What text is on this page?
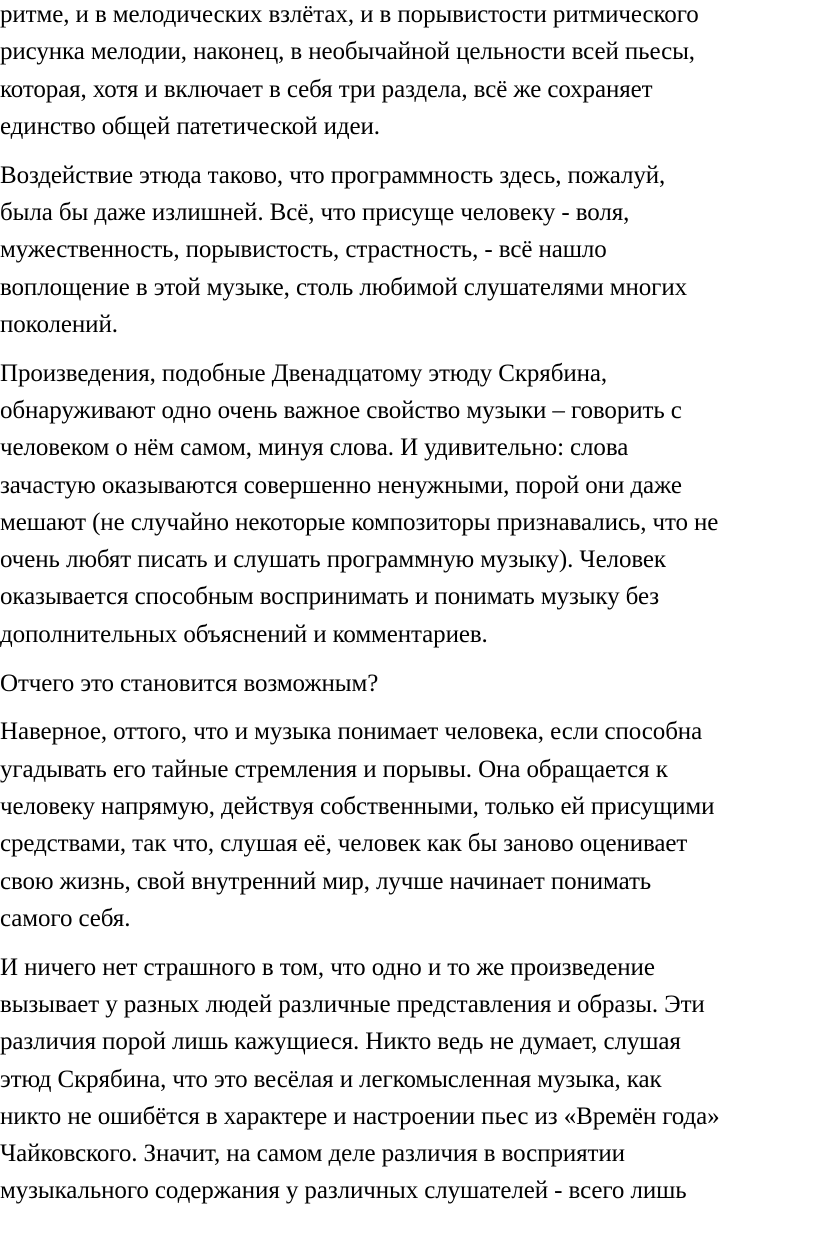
ритме, и в мелодических взлётах, и в порывистости ритмического
рисунка мелодии, наконец, в необычайной цельности всей пьесы,
которая, хотя и включает в себя три раздела, всё же сохраняет
единство общей патетической идеи.

Воздействие этюда таково, что программность здесь, пожалуй,
была бы даже излишней. Всё, что присуще человеку - воля,
мужественность, порывистость, страстность, - всё нашло
воплощение в этой музыке, столь любимой слушателями многих
поколений.

Произведения, подобные Двенадцатому этюду Скрябина,
обнаруживают одно очень важное свойство музыки – говорить с
человеком о нём самом, минуя слова. И удивительно: слова
зачастую оказываются совершенно ненужными, порой они даже
мешают (не случайно некоторые композиторы признавались, что не
очень любят писать и слушать программную музыку). Человек
оказывается способным воспринимать и понимать музыку без
дополнительных объяснений и комментариев.

Отчего это становится возможным?

Наверное, оттого, что и музыка понимает человека, если способна
угадывать его тайные стремления и порывы. Она обращается к
человеку напрямую, действуя собственными, только ей присущими
средствами, так что, слушая её, человек как бы заново оценивает
свою жизнь, свой внутренний мир, лучше начинает понимать
самого себя.

И ничего нет страшного в том, что одно и то же произведение
вызывает у разных людей различные представления и образы. Эти
различия порой лишь кажущиеся. Никто ведь не думает, слушая
этюд Скрябина, что это весёлая и легкомысленная музыка, как
никто не ошибётся в характере и настроении пьес из «Времён года»
Чайковского. Значит, на самом деле различия в восприятии
музыкального содержания у различных слушателей - всего лишь
